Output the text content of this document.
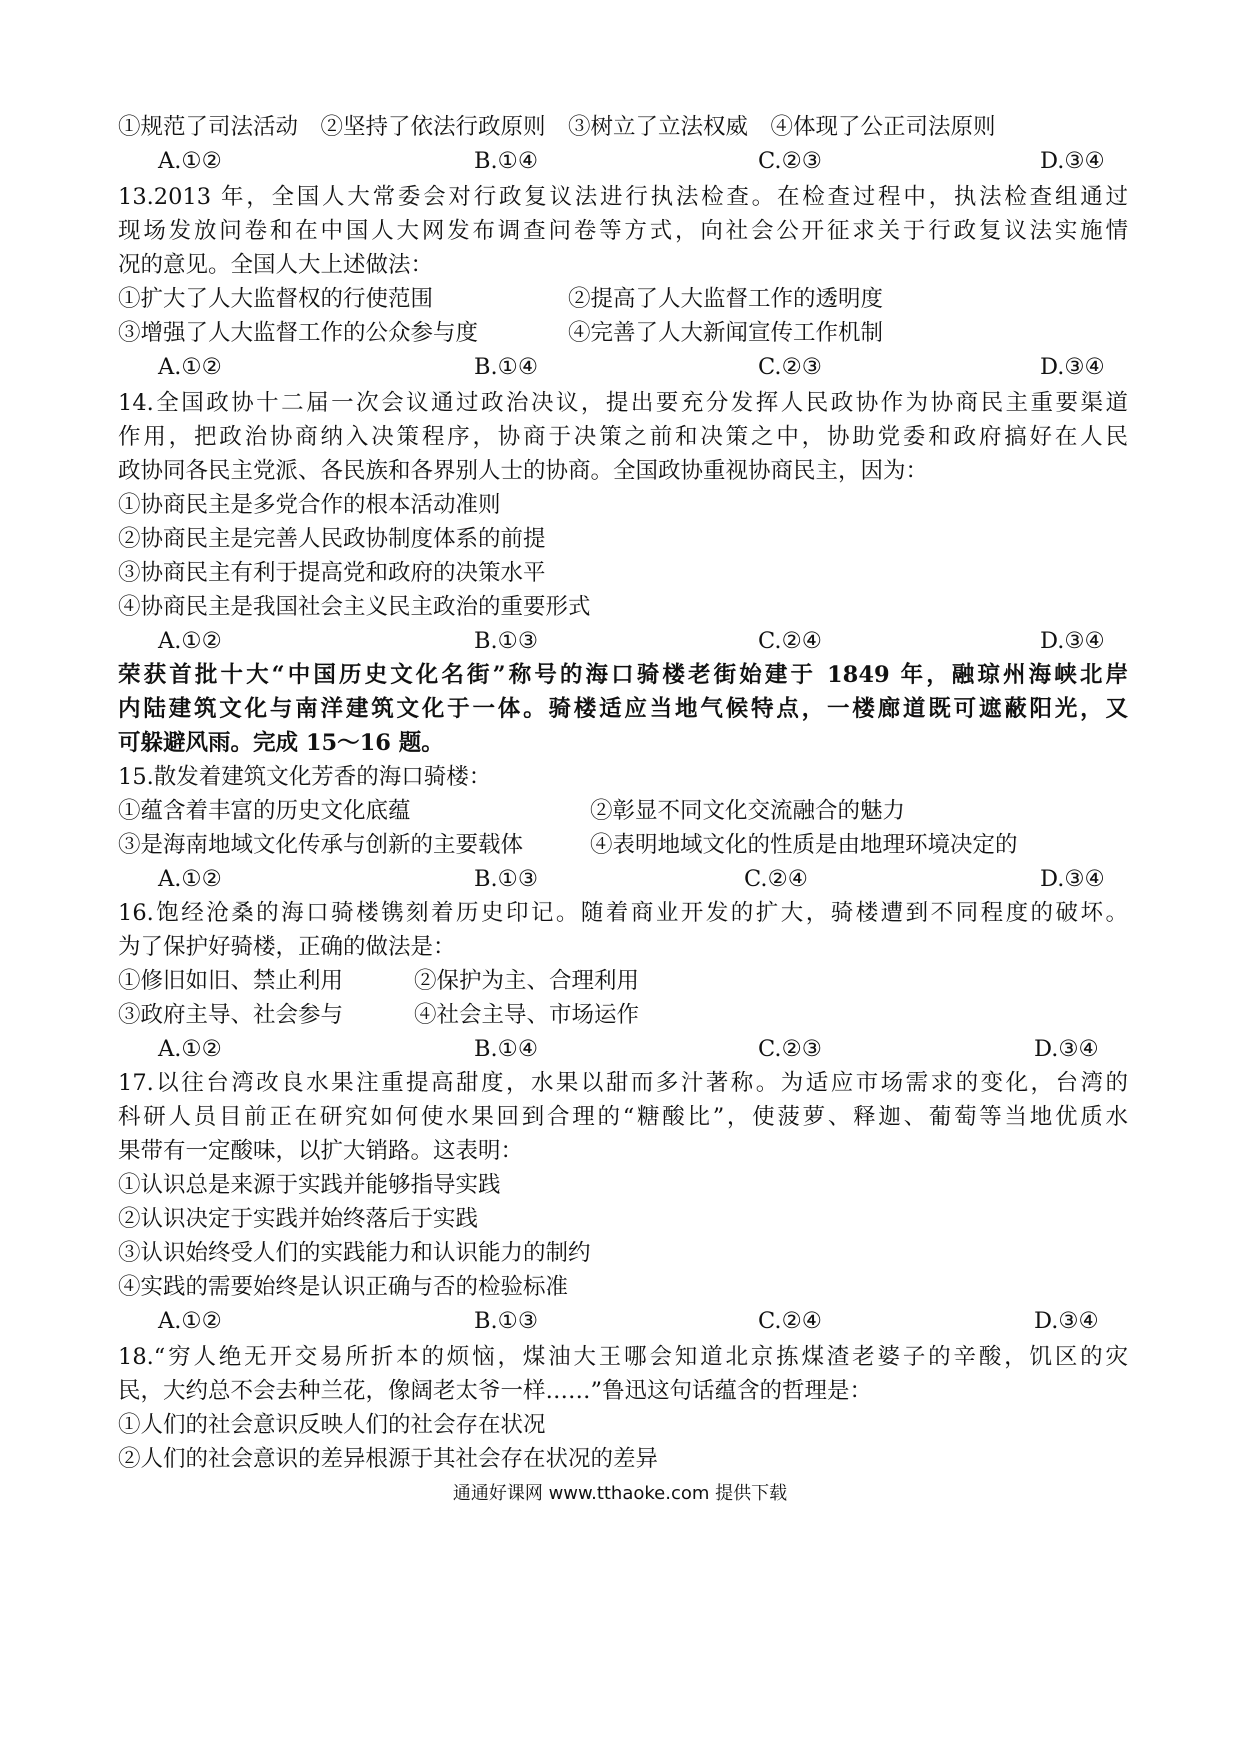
①规范了司法活动　②坚持了依法行政原则　③树立了立法权威　④体现了公正司法原则
A.①②	B.①④	C.②③	D.③④
13.2013 年，全国人大常委会对行政复议法进行执法检查。在检查过程中，执法检查组通过
现场发放问卷和在中国人大网发布调查问卷等方式，向社会公开征求关于行政复议法实施情
况的意见。全国人大上述做法：
①扩大了人大监督权的行使范围	②提高了人大监督工作的透明度
③增强了人大监督工作的公众参与度	④完善了人大新闻宣传工作机制
A.①②	B.①④	C.②③	D.③④
14.全国政协十二届一次会议通过政治决议，提出要充分发挥人民政协作为协商民主重要渠道
作用，把政治协商纳入决策程序，协商于决策之前和决策之中，协助党委和政府搞好在人民
政协同各民主党派、各民族和各界别人士的协商。全国政协重视协商民主，因为：
①协商民主是多党合作的根本活动准则
②协商民主是完善人民政协制度体系的前提
③协商民主有利于提高党和政府的决策水平
④协商民主是我国社会主义民主政治的重要形式
A.①②	B.①③	C.②④	D.③④
荣获首批十大“中国历史文化名街”称号的海口骑楼老街始建于 1849 年，融琼州海峡北岸
内陆建筑文化与南洋建筑文化于一体。骑楼适应当地气候特点，一楼廊道既可遮蔽阳光，又
可躲避风雨。完成 15～16 题。
15.散发着建筑文化芳香的海口骑楼：
①蕴含着丰富的历史文化底蕴	②彰显不同文化交流融合的魅力
③是海南地域文化传承与创新的主要载体	④表明地域文化的性质是由地理环境决定的
A.①②	B.①③	C.②④	D.③④
16.饱经沧桑的海口骑楼镌刻着历史印记。随着商业开发的扩大，骑楼遭到不同程度的破坏。
为了保护好骑楼，正确的做法是：
①修旧如旧、禁止利用	②保护为主、合理利用
③政府主导、社会参与	④社会主导、市场运作
A.①②	B.①④	C.②③	D.③④
17.以往台湾改良水果注重提高甜度，水果以甜而多汁著称。为适应市场需求的变化，台湾的
科研人员目前正在研究如何使水果回到合理的“糖酸比”，使菠萝、释迦、葡萄等当地优质水
果带有一定酸味，以扩大销路。这表明：
①认识总是来源于实践并能够指导实践
②认识决定于实践并始终落后于实践
③认识始终受人们的实践能力和认识能力的制约
④实践的需要始终是认识正确与否的检验标准
A.①②	B.①③	C.②④	D.③④
18.“穷人绝无开交易所折本的烦恼，煤油大王哪会知道北京拣煤渣老婆子的辛酸，饥区的灾
民，大约总不会去种兰花，像阔老太爷一样……”鲁迅这句话蕴含的哲理是：
①人们的社会意识反映人们的社会存在状况
②人们的社会意识的差异根源于其社会存在状况的差异
通通好课网 www.tthaoke.com 提供下载
